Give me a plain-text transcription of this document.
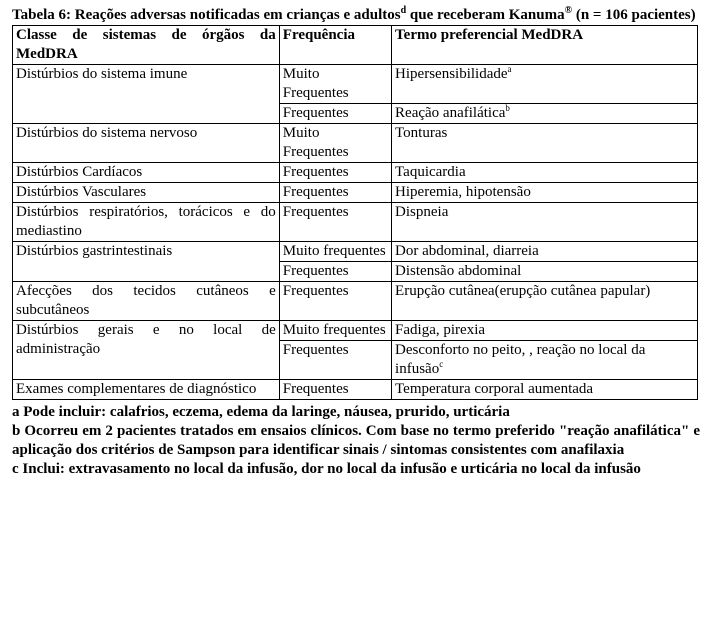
Tabela 6: Reações adversas notificadas em crianças e adultos$^d$ que receberam Kanuma® (n = 106 pacientes)
Classe de sistemas de órgãos da MedDRA	Frequência	Termo preferencial MedDRA
Distúrbios do sistema imune	Muito Frequentes	Hipersensibilidade$^a$
	Frequentes	Reação anafilática$^b$
Distúrbios do sistema nervoso	Muito Frequentes	Tonturas
Distúrbios Cardíacos	Frequentes	Taquicardia
Distúrbios Vasculares	Frequentes	Hiperemia, hipotensão
Distúrbios respiratórios, torácicos e do mediastino	Frequentes	Dispneia
Distúrbios gastrintestinais	Muito frequentes	Dor abdominal, diarreia
	Frequentes	Distensão abdominal
Afecções dos tecidos cutâneos e subcutâneos	Frequentes	Erupção cutânea(erupção cutânea papular)
Distúrbios gerais e no local de administração	Muito frequentes	Fadiga, pirexia
	Frequentes	Desconforto no peito, , reação no local da infusão$^c$
Exames complementares de diagnóstico	Frequentes	Temperatura corporal aumentada

a Pode incluir: calafrios, eczema, edema da laringe, náusea, prurido, urticária

b Ocorreu em 2 pacientes tratados em ensaios clínicos. Com base no termo preferido "reação anafilática" e aplicação dos critérios de Sampson para identificar sinais / sintomas consistentes com anafilaxia

c Inclui: extravasamento no local da infusão, dor no local da infusão e urticária no local da infusão
